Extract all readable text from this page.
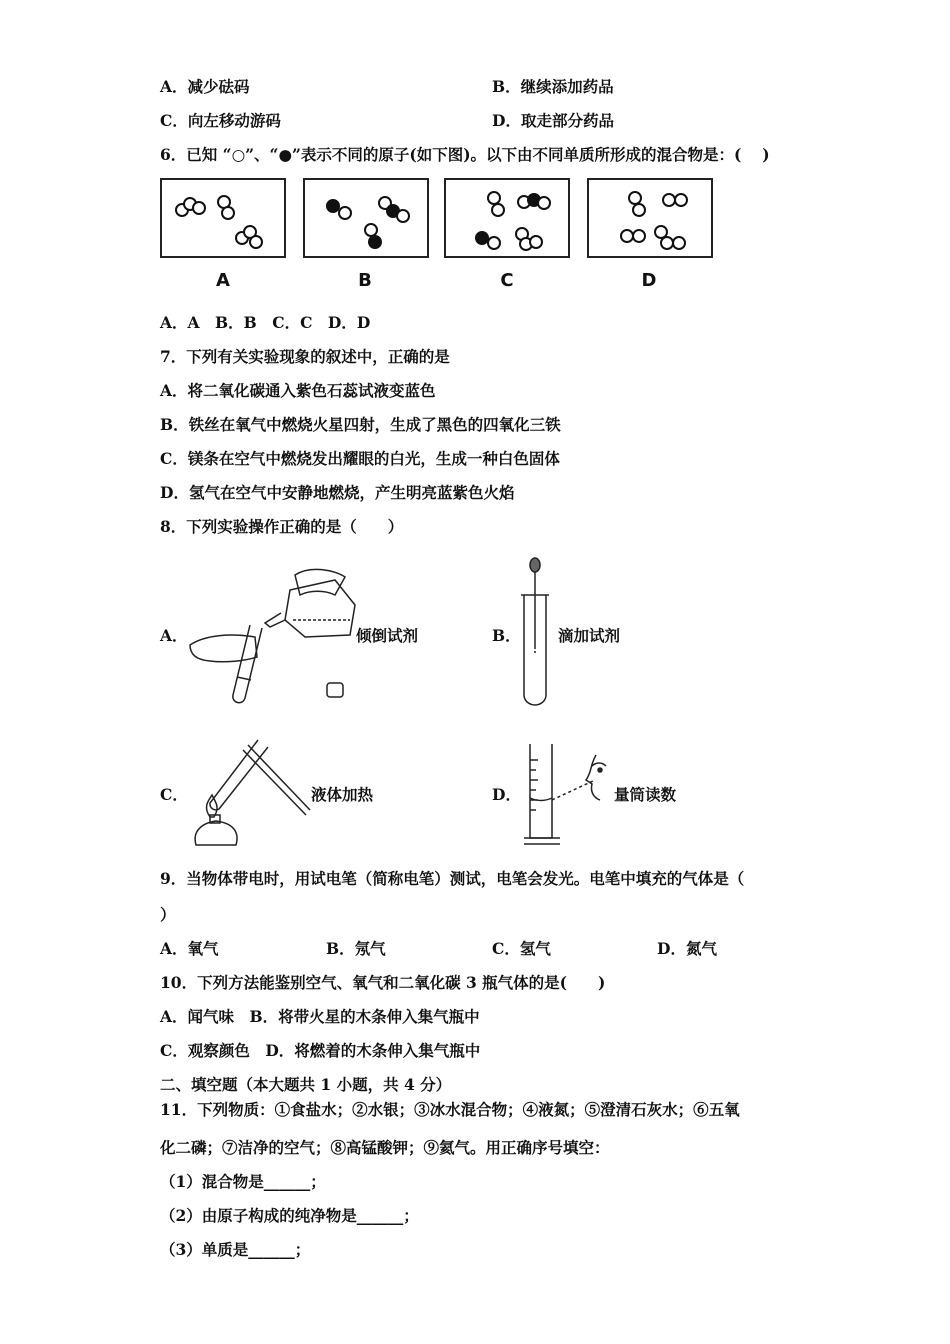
A．减少砝码	B．继续添加药品
C．向左移动游码	D．取走部分药品
6．已知 “○”、“●”表示不同的原子(如下图)。以下由不同单质所形成的混合物是：(　 )
A	B	C	D
A．A　B．B　C．C　D．D
7．下列有关实验现象的叙述中，正确的是
A．将二氧化碳通入紫色石蕊试液变蓝色
B．铁丝在氧气中燃烧火星四射，生成了黑色的四氧化三铁
C．镁条在空气中燃烧发出耀眼的白光，生成一种白色固体
D．氢气在空气中安静地燃烧，产生明亮蓝紫色火焰
8．下列实验操作正确的是（　　）
A．	倾倒试剂	B． 滴加试剂
C．	液体加热	D．	量筒读数
9．当物体带电时，用试电笔（简称电笔）测试，电笔会发光。电笔中填充的气体是（
）
A．氧气	B．氖气	C．氢气	D．氮气
10．下列方法能鉴别空气、氧气和二氧化碳 3 瓶气体的是(　　)
A．闻气味　B．将带火星的木条伸入集气瓶中
C．观察颜色　D．将燃着的木条伸入集气瓶中
二、填空题（本大题共 1 小题，共 4 分）
11．下列物质：①食盐水；②水银；③冰水混合物；④液氮；⑤澄清石灰水；⑥五氧
化二磷；⑦洁净的空气；⑧高锰酸钾；⑨氦气。用正确序号填空：
（1）混合物是______；
（2）由原子构成的纯净物是______；
（3）单质是______；
